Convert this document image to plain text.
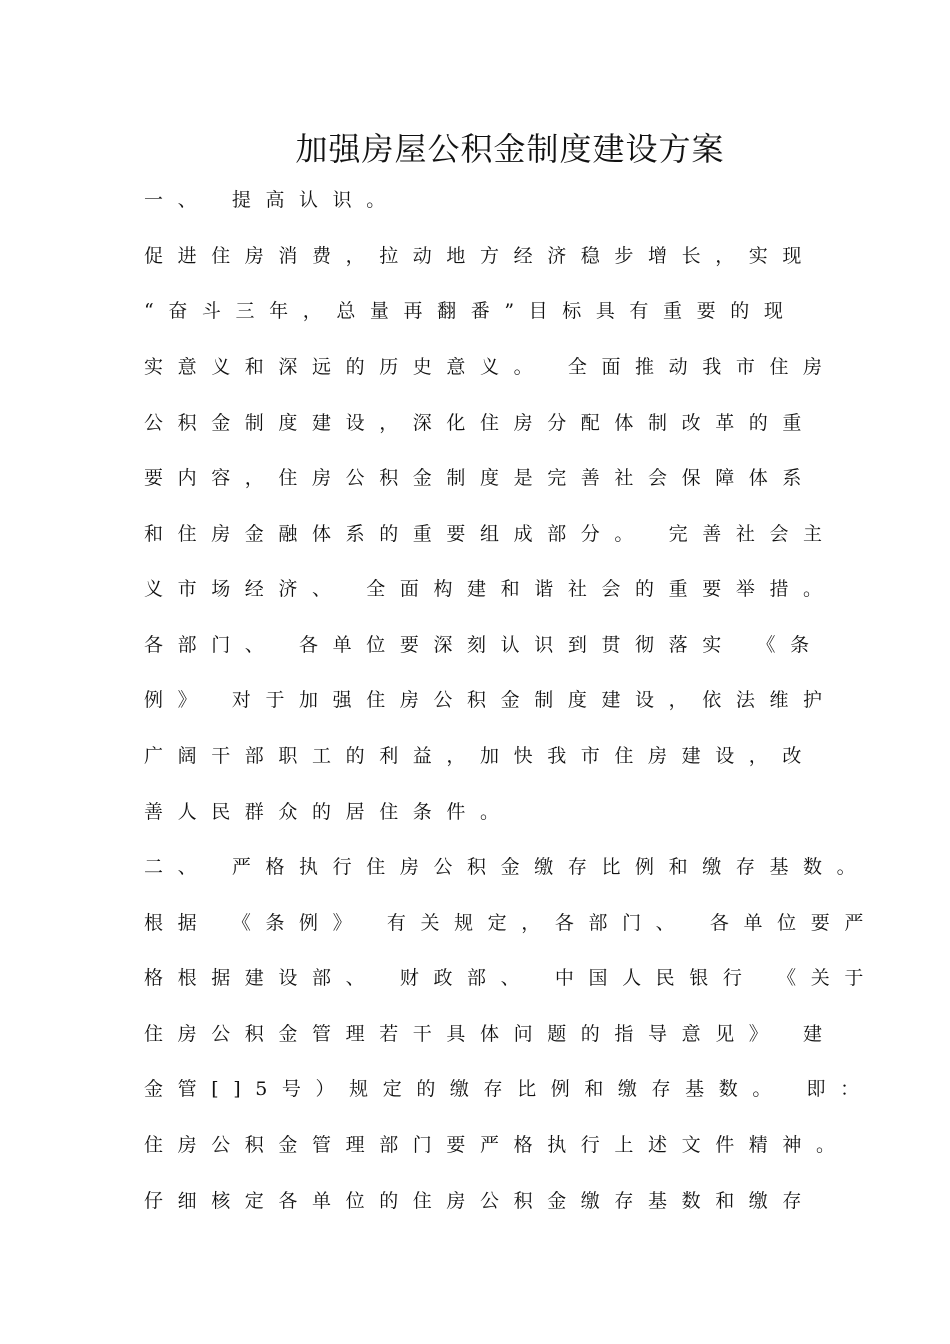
加强房屋公积金制度建设方案
一、 提高认识。
促进住房消费，拉动地方经济稳步增长，实现
“奋斗三年，总量再翻番”目标具有重要的现
实意义和深远的历史意义。 全面推动我市住房
公积金制度建设，深化住房分配体制改革的重
要内容，住房公积金制度是完善社会保障体系
和住房金融体系的重要组成部分。 完善社会主
义市场经济、 全面构建和谐社会的重要举措。
各部门、 各单位要深刻认识到贯彻落实 《条
例》 对于加强住房公积金制度建设，依法维护
广阔干部职工的利益，加快我市住房建设，改
善人民群众的居住条件。
二、 严格执行住房公积金缴存比例和缴存基数。
根据 《条例》 有关规定，各部门、 各单位要严
格根据建设部、 财政部、 中国人民银行 《关于
住房公积金管理若干具体问题的指导意见》 建
金管[]5号）规定的缴存比例和缴存基数。 即：
住房公积金管理部门要严格执行上述文件精神。
仔细核定各单位的住房公积金缴存基数和缴存
